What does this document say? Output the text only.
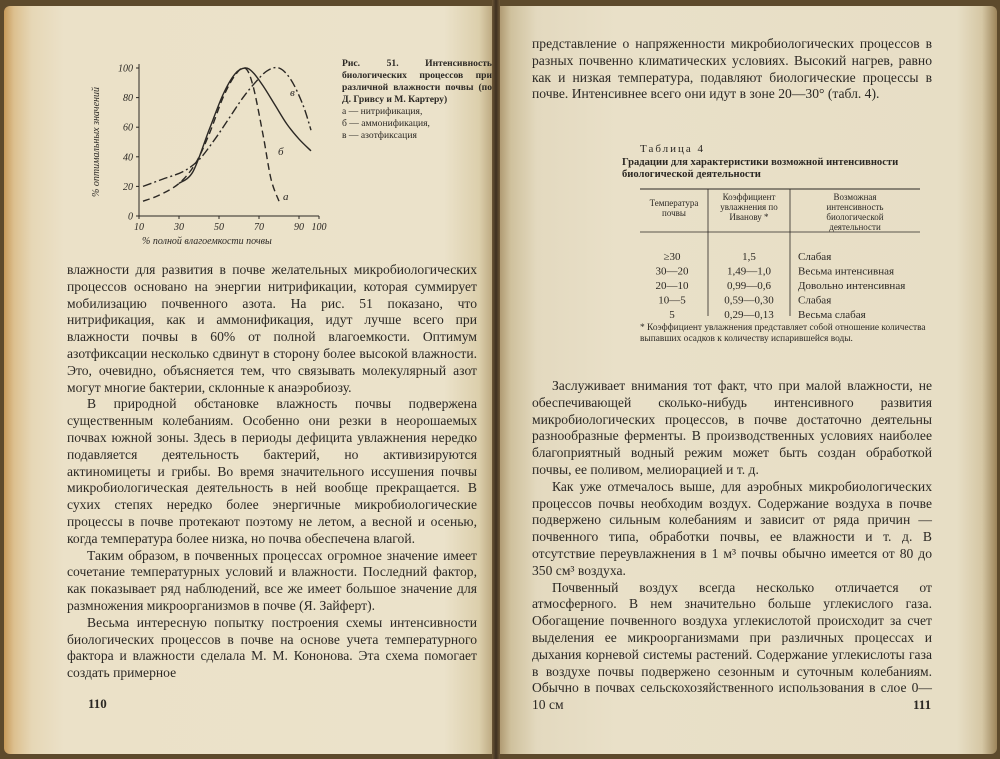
0
20
40
60
80
100
10	30	50	70	90 100
% полной влагоемкости почвы
% оптимальных значений
а
б
в

Рис. 51. Интенсивность биологических процессов при различной влажности почвы (по Д. Гривсу и М. Картеру)

а — нитрификация,

б — аммонификация,

в — азотфиксация

влажности для развития в почве желательных микробиологических процессов основано на энергии нитрификации, которая суммирует мобилизацию почвенного азота. На рис. 51 показано, что нитрификация, как и аммонификация, идут лучше всего при влажности почвы в 60% от полной влагоемкости. Оптимум азотфиксации несколько сдвинут в сторону более высокой влажности. Это, очевидно, объясняется тем, что связывать молекулярный азот могут многие бактерии, склонные к анаэробиозу.

В природной обстановке влажность почвы подвержена существенным колебаниям. Особенно они резки в неорошаемых почвах южной зоны. Здесь в периоды дефицита увлажнения нередко подавляется деятельность бактерий, но активизируются актиномицеты и грибы. Во время значительного иссушения почвы микробиологическая деятельность в ней вообще прекращается. В сухих степях нередко более энергичные микробиологические процессы в почве протекают поэтому не летом, а весной и осенью, когда температура более низка, но почва обеспечена влагой.

Таким образом, в почвенных процессах огромное значение имеет сочетание температурных условий и влажности. Последний фактор, как показывает ряд наблюдений, все же имеет большое значение для размножения микроорганизмов в почве (Я. Зайферт).

Весьма интересную попытку построения схемы интенсивности биологических процессов в почве на основе учета температурного фактора и влажности сделала М. М. Кононова. Эта схема помогает создать примерное

110

представление о напряженности микробиологических процессов в разных почвенно климатических условиях. Высокий нагрев, равно как и низкая температура, подавляют биологические процессы в почве. Интенсивнее всего они идут в зоне 20—30° (табл. 4).

Таблица 4

Градации для характеристики возможной интенсивности биологической деятельности

Температура почвы
Коэффициент увлажнения по Иванову *
Возможная интенсивность биологической деятельности
≥30	1,5	Слабая
30—20	1,49—1,0 Весьма интенсивная
20—10	0,99—0,6 Довольно интенсивная
10—5	0,59—0,30 Слабая
5	0,29—0,13 Весьма слабая

* Коэффициент увлажнения представляет собой отношение количества выпавших осадков к количеству испарившейся воды.

Заслуживает внимания тот факт, что при малой влажности, не обеспечивающей сколько-нибудь интенсивного развития микробиологических процессов, в почве достаточно деятельны разнообразные ферменты. В производственных условиях наиболее благоприятный водный режим может быть создан обработкой почвы, ее поливом, мелиорацией и т. д.

Как уже отмечалось выше, для аэробных микробиологических процессов почвы необходим воздух. Содержание воздуха в почве подвержено сильным колебаниям и зависит от ряда причин — почвенного типа, обработки почвы, ее влажности и т. д. В отсутствие переувлажнения в 1 м³ почвы обычно имеется от 80 до 350 см³ воздуха.

Почвенный воздух всегда несколько отличается от атмосферного. В нем значительно больше углекислого газа. Обогащение почвенного воздуха углекислотой происходит за счет выделения ее микроорганизмами при различных процессах и дыхания корневой системы растений. Содержание углекислоты газа в воздухе почвы подвержено сезонным и суточным колебаниям. Обычно в почвах сельскохозяйственного использования в слое 0—10 см	111
